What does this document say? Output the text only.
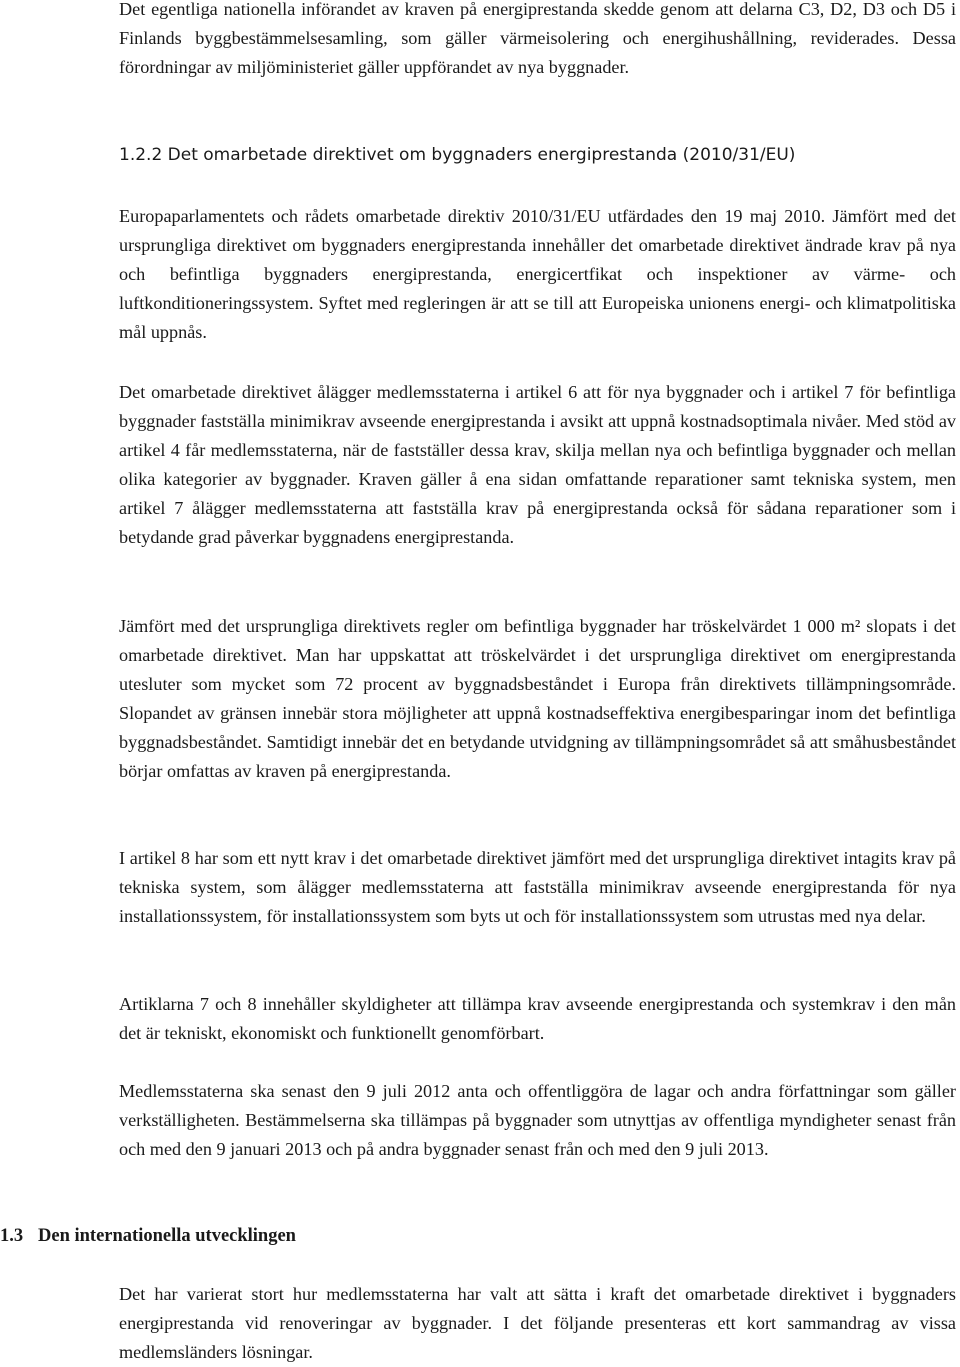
Det egentliga nationella införandet av kraven på energiprestanda skedde genom att delarna C3, D2, D3 och D5 i Finlands byggbestämmelsesamling, som gäller värmeisolering och energihushållning, reviderades. Dessa förordningar av miljöministeriet gäller uppförandet av nya byggnader.

1.2.2 Det omarbetade direktivet om byggnaders energiprestanda (2010/31/EU)

Europaparlamentets och rådets omarbetade direktiv 2010/31/EU utfärdades den 19 maj 2010. Jämfört med det ursprungliga direktivet om byggnaders energiprestanda innehåller det omarbetade direktivet ändrade krav på nya och befintliga byggnaders energiprestanda, energicertfikat och inspektioner av värme- och luftkonditioneringssystem. Syftet med regleringen är att se till att Europeiska unionens energi- och klimatpolitiska mål uppnås.

Det omarbetade direktivet ålägger medlemsstaterna i artikel 6 att för nya byggnader och i artikel 7 för befintliga byggnader fastställa minimikrav avseende energiprestanda i avsikt att uppnå kostnadsoptimala nivåer. Med stöd av artikel 4 får medlemsstaterna, när de fastställer dessa krav, skilja mellan nya och befintliga byggnader och mellan olika kategorier av byggnader. Kraven gäller å ena sidan omfattande reparationer samt tekniska system, men artikel 7 ålägger medlemsstaterna att fastställa krav på energiprestanda också för sådana reparationer som i betydande grad påverkar byggnadens energiprestanda.

Jämfört med det ursprungliga direktivets regler om befintliga byggnader har tröskelvärdet 1 000 m² slopats i det omarbetade direktivet. Man har uppskattat att tröskelvärdet i det ursprungliga direktivet om energiprestanda utesluter som mycket som 72 procent av byggnadsbeståndet i Europa från direktivets tillämpningsområde. Slopandet av gränsen innebär stora möjligheter att uppnå kostnadseffektiva energibesparingar inom det befintliga byggnadsbeståndet. Samtidigt innebär det en betydande utvidgning av tillämpningsområdet så att småhusbeståndet börjar omfattas av kraven på energiprestanda.

I artikel 8 har som ett nytt krav i det omarbetade direktivet jämfört med det ursprungliga direktivet intagits krav på tekniska system, som ålägger medlemsstaterna att fastställa minimikrav avseende energiprestanda för nya installationssystem, för installationssystem som byts ut och för installationssystem som utrustas med nya delar.

Artiklarna 7 och 8 innehåller skyldigheter att tillämpa krav avseende energiprestanda och systemkrav i den mån det är tekniskt, ekonomiskt och funktionellt genomförbart.

Medlemsstaterna ska senast den 9 juli 2012 anta och offentliggöra de lagar och andra författningar som gäller verkställigheten. Bestämmelserna ska tillämpas på byggnader som utnyttjas av offentliga myndigheter senast från och med den 9 januari 2013 och på andra byggnader senast från och med den 9 juli 2013.

1.3 Den internationella utvecklingen

Det har varierat stort hur medlemsstaterna har valt att sätta i kraft det omarbetade direktivet i byggnaders energiprestanda vid renoveringar av byggnader. I det följande presenteras ett kort sammandrag av vissa medlemsländers lösningar.
